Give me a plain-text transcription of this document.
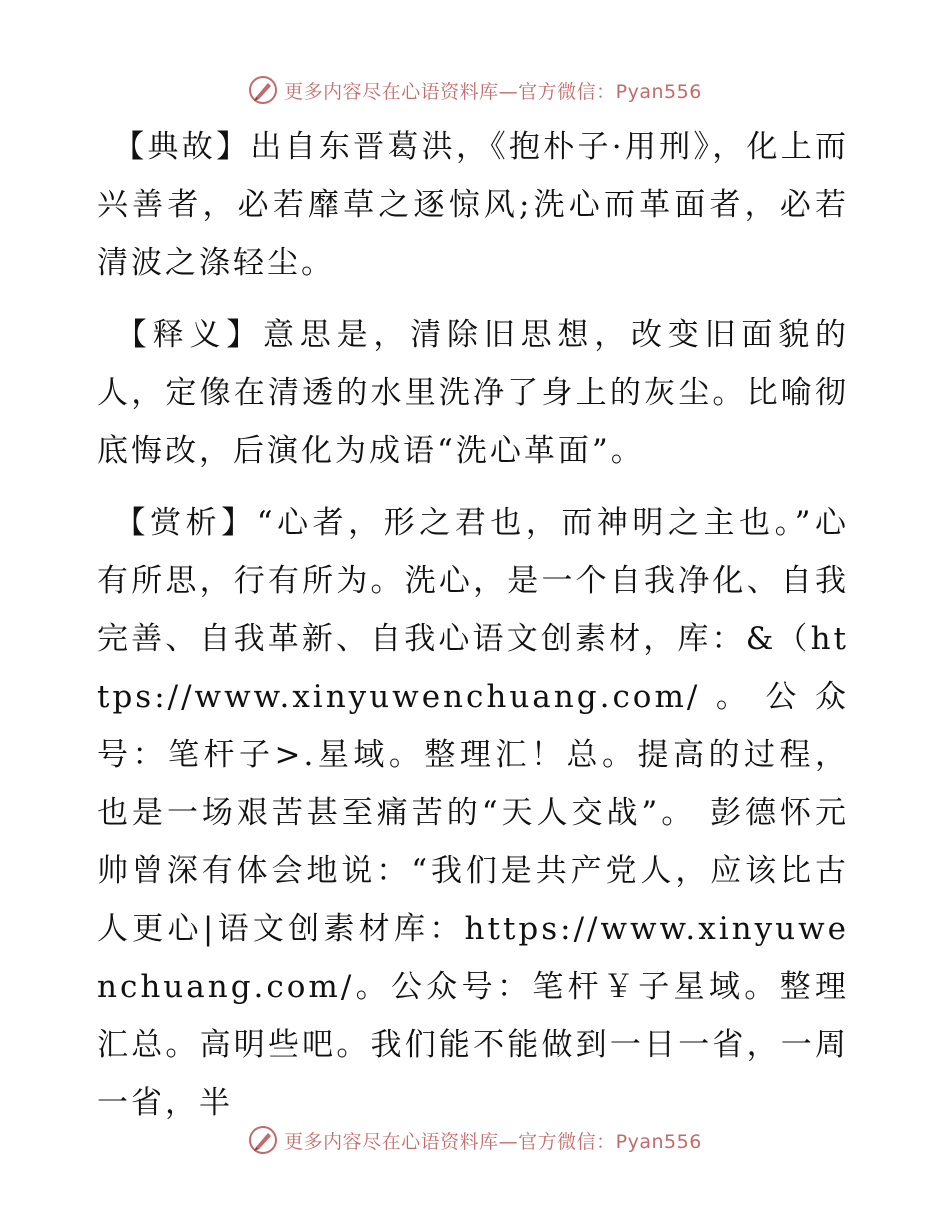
更多内容尽在心语资料库—官方微信：Pyan556

【典故】出自东晋葛洪，《抱朴子·用刑》，化上而兴善者，必若靡草之逐惊风;洗心而革面者，必若清波之涤轻尘。

【释义】意思是，清除旧思想，改变旧面貌的人，定像在清透的水里洗净了身上的灰尘。比喻彻底悔改，后演化为成语“洗心革面”。

【赏析】“心者，形之君也，而神明之主也。”心有所思，行有所为。洗心，是一个自我净化、自我完善、自我革新、自我心语文创素材，库：&（https://www.xinyuwenchuang.com/。公众号：笔杆子>.星域。整理汇！总。提高的过程，也是一场艰苦甚至痛苦的“天人交战”。 彭德怀元帅曾深有体会地说：“我们是共产党人，应该比古人更心|语文创素材库：https://www.xinyuwenchuang.com/。公众号：笔杆￥子星域。整理汇总。高明些吧。我们能不能做到一日一省，一周一省，半

更多内容尽在心语资料库—官方微信：Pyan556
